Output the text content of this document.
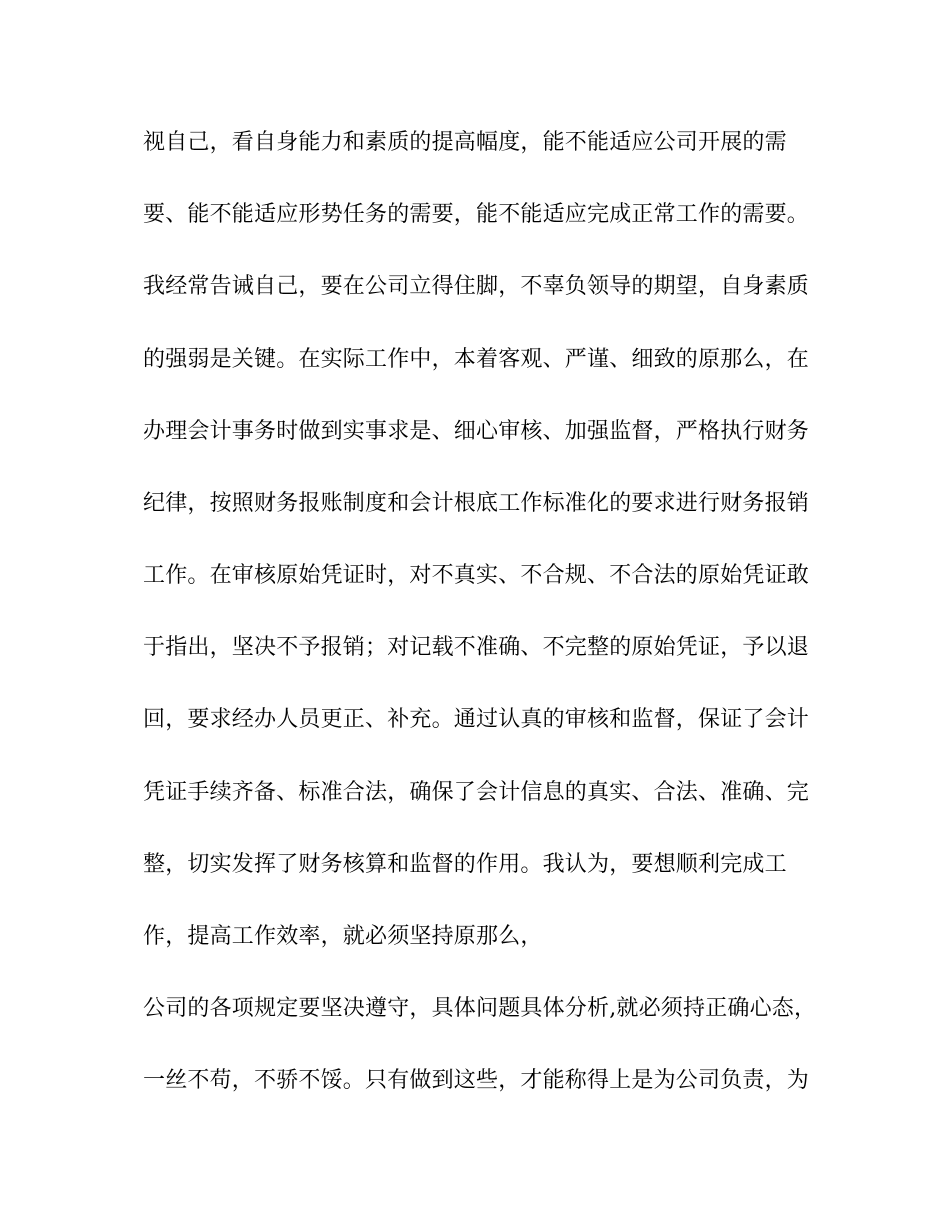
视自己，看自身能力和素质的提高幅度，能不能适应公司开展的需
要、能不能适应形势任务的需要，能不能适应完成正常工作的需要。
我经常告诫自己，要在公司立得住脚，不辜负领导的期望，自身素质
的强弱是关键。在实际工作中，本着客观、严谨、细致的原那么，在
办理会计事务时做到实事求是、细心审核、加强监督，严格执行财务
纪律，按照财务报账制度和会计根底工作标准化的要求进行财务报销
工作。在审核原始凭证时，对不真实、不合规、不合法的原始凭证敢
于指出，坚决不予报销；对记载不准确、不完整的原始凭证，予以退
回，要求经办人员更正、补充。通过认真的审核和监督，保证了会计
凭证手续齐备、标准合法，确保了会计信息的真实、合法、准确、完
整，切实发挥了财务核算和监督的作用。我认为，要想顺利完成工
作，提高工作效率，就必须坚持原那么，
公司的各项规定要坚决遵守，具体问题具体分析,就必须持正确心态，
一丝不苟，不骄不馁。只有做到这些，才能称得上是为公司负责，为
